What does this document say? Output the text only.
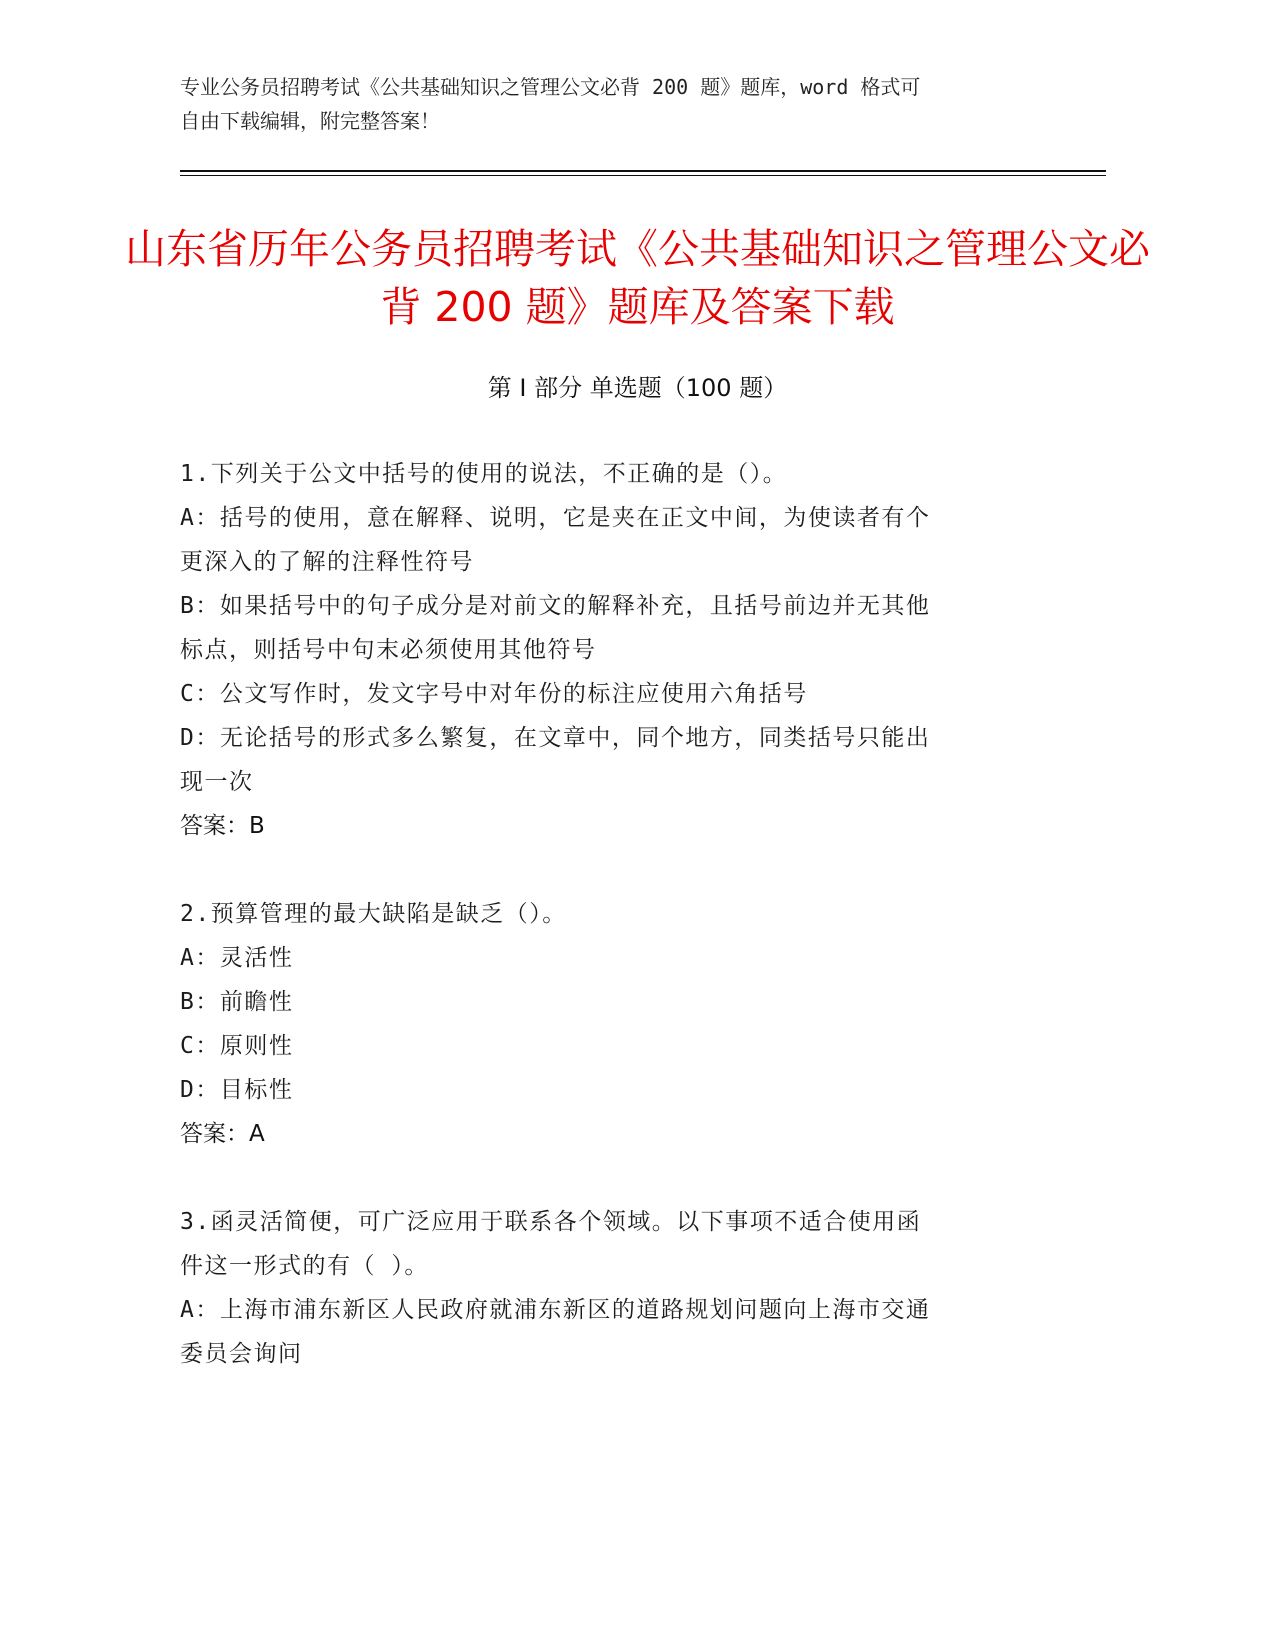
专业公务员招聘考试《公共基础知识之管理公文必背 200 题》题库，word 格式可
自由下载编辑，附完整答案！
山东省历年公务员招聘考试《公共基础知识之管理公文必背 200 题》题库及答案下载
第 I 部分 单选题（100 题）

1.下列关于公文中括号的使用的说法，不正确的是（）。

A：括号的使用，意在解释、说明，它是夹在正文中间，为使读者有个

更深入的了解的注释性符号

B：如果括号中的句子成分是对前文的解释补充，且括号前边并无其他

标点，则括号中句末必须使用其他符号

C：公文写作时，发文字号中对年份的标注应使用六角括号

D：无论括号的形式多么繁复，在文章中，同个地方，同类括号只能出

现一次

答案：B

2.预算管理的最大缺陷是缺乏（）。

A：灵活性

B：前瞻性

C：原则性

D：目标性

答案：A

3.函灵活简便，可广泛应用于联系各个领域。以下事项不适合使用函

件这一形式的有（ ）。

A：上海市浦东新区人民政府就浦东新区的道路规划问题向上海市交通

委员会询问
